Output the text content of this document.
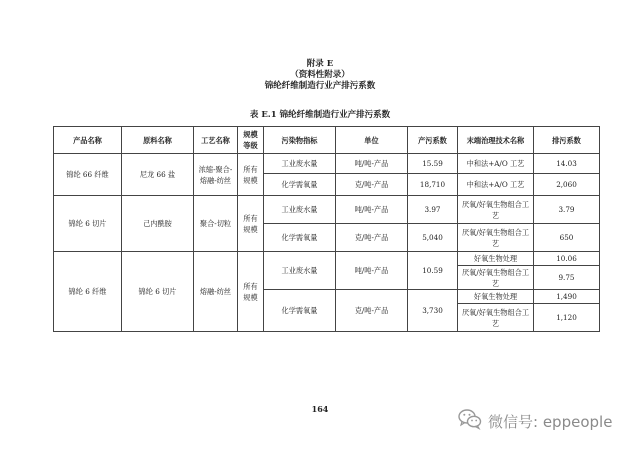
附录 E
（资料性附录）
锦纶纤维制造行业产排污系数
表 E.1 锦纶纤维制造行业产排污系数
产品名称	原料名称	工艺名称	规模等级	污染物指标	单位	产污系数	末端治理技术名称	排污系数
锦纶 66 纤维	尼龙 66 盐	浓缩-聚合-熔融-纺丝	所有规模	工业废水量	吨/吨-产品	15.59	中和法+A/O 工艺	14.03
				化学需氧量	克/吨-产品	18,710	中和法+A/O 工艺	2,060
锦纶 6 切片	己内酰胺	聚合-切粒	所有规模	工业废水量	吨/吨-产品	3.97	厌氧/好氧生物组合工艺	3.79
				化学需氧量	克/吨-产品	5,040	厌氧/好氧生物组合工艺	650
锦纶 6 纤维	锦纶 6 切片	熔融-纺丝	所有规模	工业废水量	吨/吨-产品	10.59	好氧生物处理	10.06
							厌氧/好氧生物组合工艺	9.75
				化学需氧量	克/吨-产品	3,730	好氧生物处理	1,490
							厌氧/好氧生物组合工艺	1,120
164
微信号: eppeople
